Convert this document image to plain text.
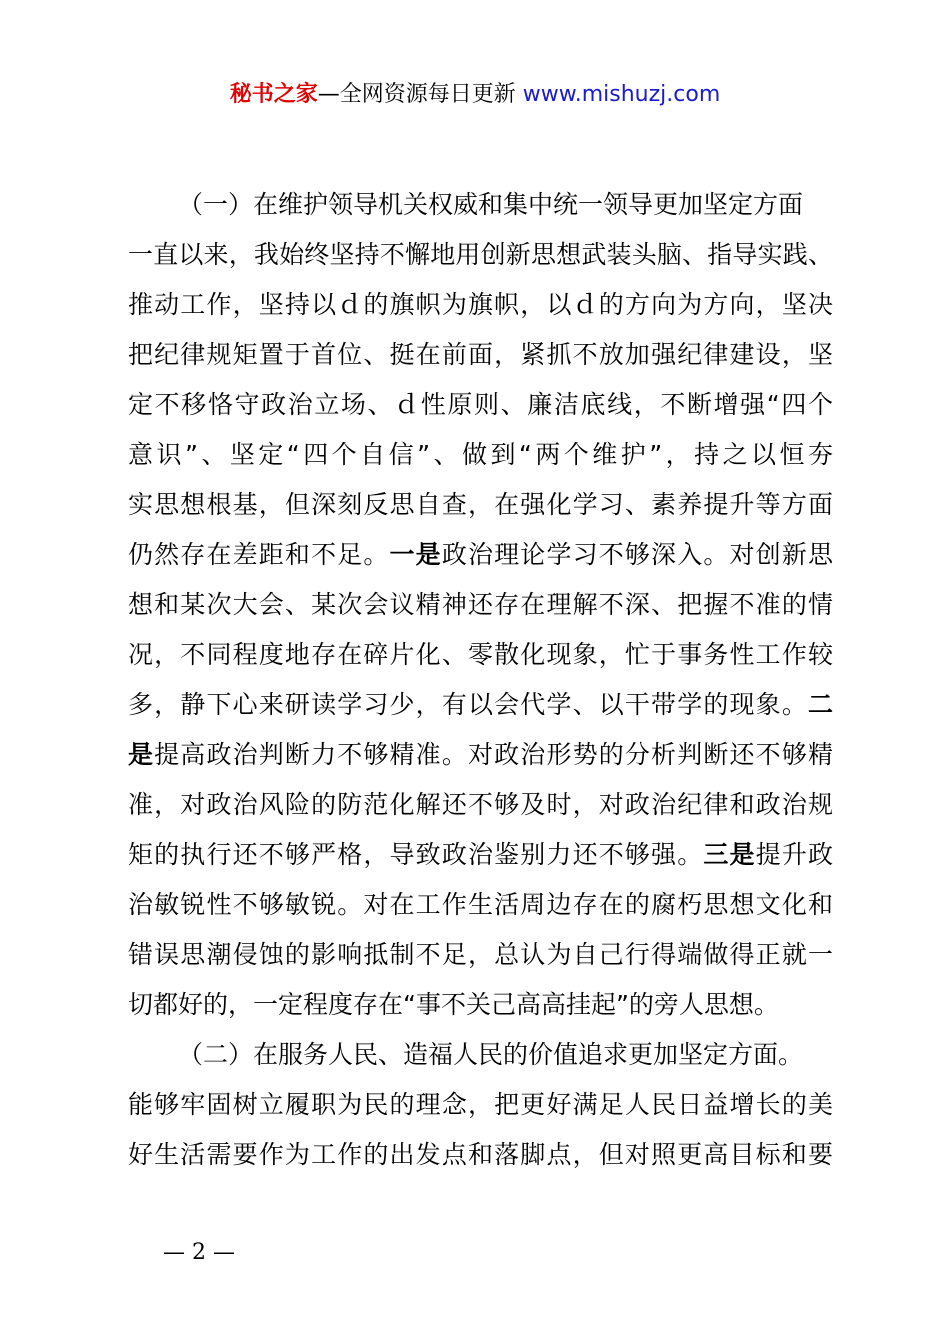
秘书之家—全网资源每日更新 www.mishuzj.com
（一）在维护领导机关权威和集中统一领导更加坚定方面
一直以来，我始终坚持不懈地用创新思想武装头脑、指导实践、
推动工作，坚持以ｄ的旗帜为旗帜，以ｄ的方向为方向，坚决
把纪律规矩置于首位、挺在前面，紧抓不放加强纪律建设，坚
定不移恪守政治立场、ｄ性原则、廉洁底线，不断增强“四个
意识”、坚定“四个自信”、做到“两个维护”，持之以恒夯
实思想根基，但深刻反思自查，在强化学习、素养提升等方面
仍然存在差距和不足。一是政治理论学习不够深入。对创新思
想和某次大会、某次会议精神还存在理解不深、把握不准的情
况，不同程度地存在碎片化、零散化现象，忙于事务性工作较
多，静下心来研读学习少，有以会代学、以干带学的现象。二
是提高政治判断力不够精准。对政治形势的分析判断还不够精
准，对政治风险的防范化解还不够及时，对政治纪律和政治规
矩的执行还不够严格，导致政治鉴别力还不够强。三是提升政
治敏锐性不够敏锐。对在工作生活周边存在的腐朽思想文化和
错误思潮侵蚀的影响抵制不足，总认为自己行得端做得正就一
切都好的，一定程度存在“事不关己高高挂起”的旁人思想。
（二）在服务人民、造福人民的价值追求更加坚定方面。
能够牢固树立履职为民的理念，把更好满足人民日益增长的美
好生活需要作为工作的出发点和落脚点，但对照更高目标和要
— 2 —
